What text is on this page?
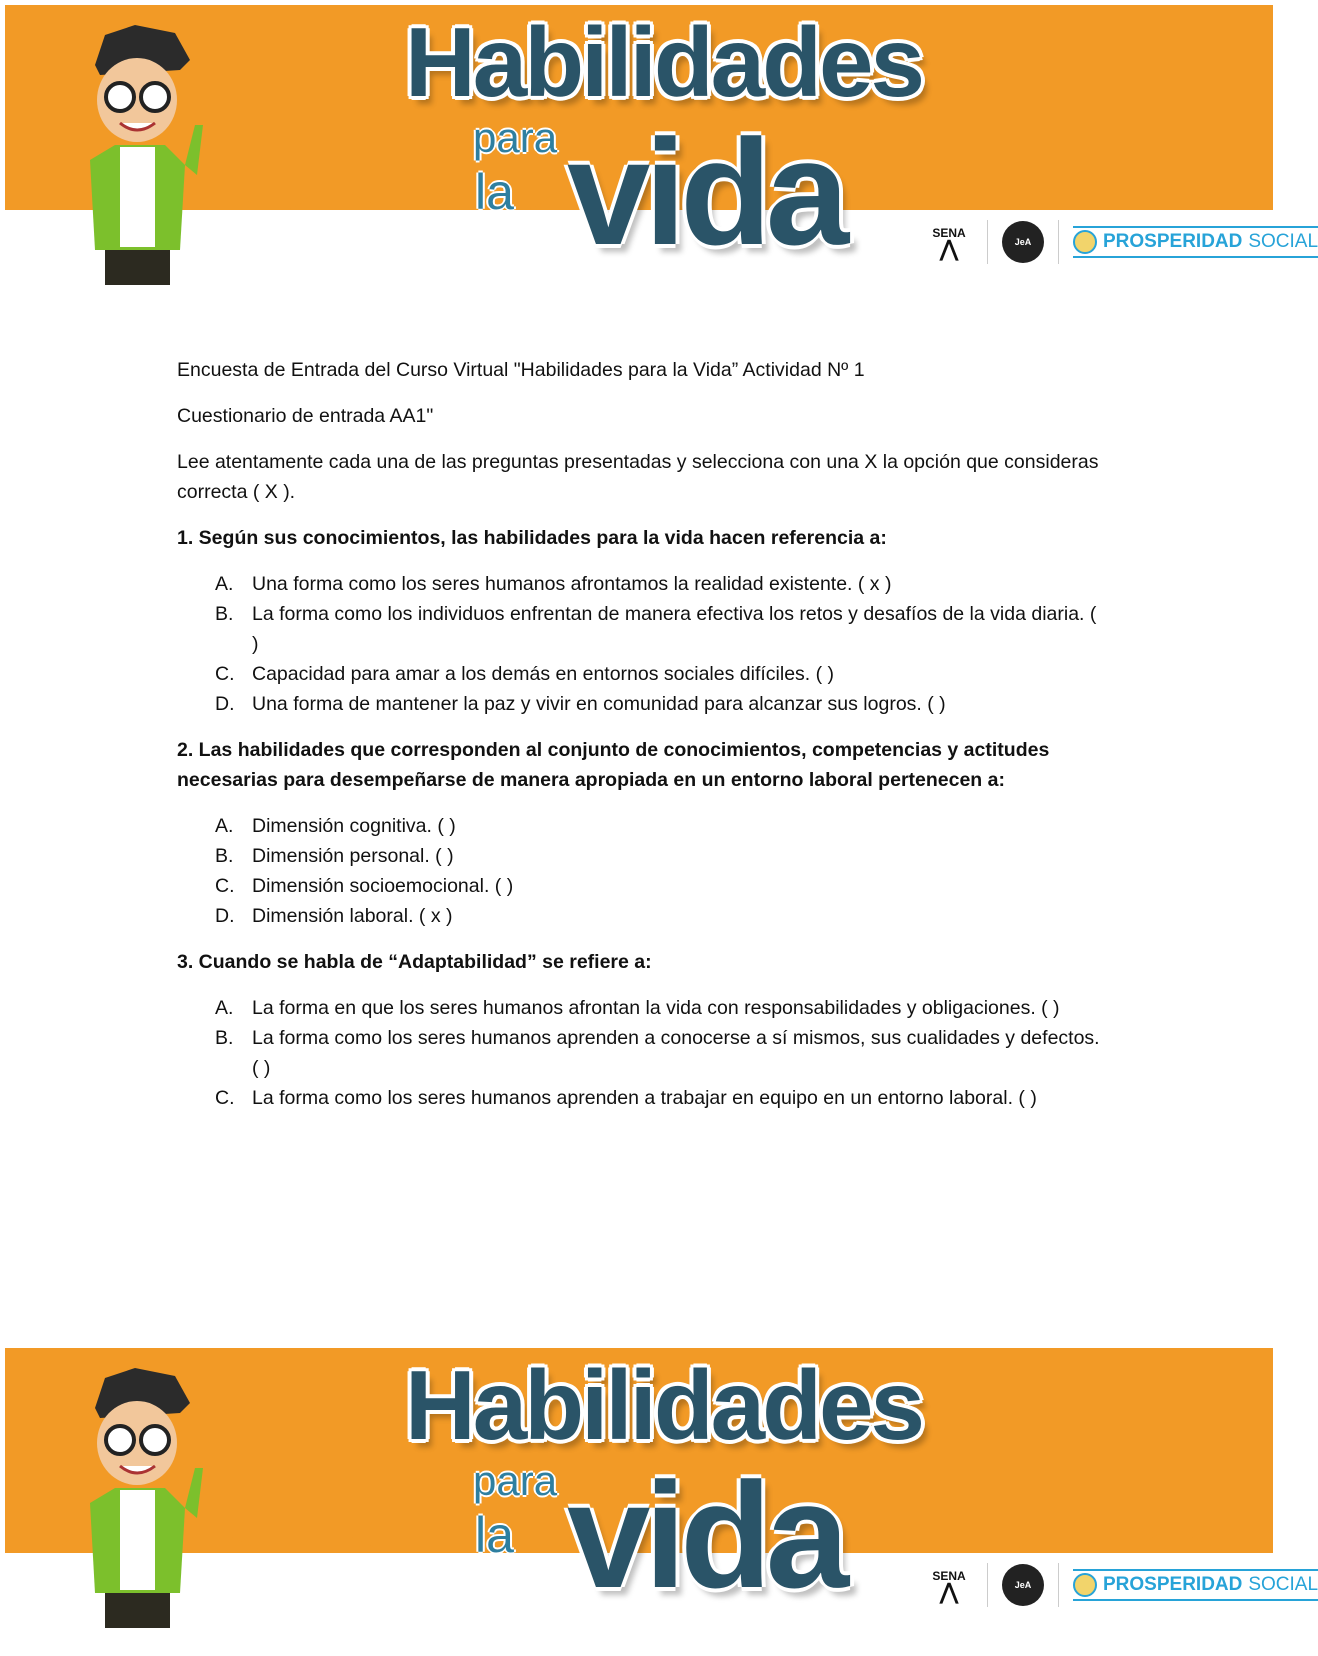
Habilidades
para
la vida	SENA
⋀	JeA	PROSPERIDAD SOCIAL

Encuesta de Entrada del Curso Virtual "Habilidades para la Vida” Actividad Nº 1

Cuestionario de entrada AA1"

Lee atentamente cada una de las preguntas presentadas y selecciona con una X la opción que consideras correcta ( X ).

1. Según sus conocimientos, las habilidades para la vida hacen referencia a:

A. Una forma como los seres humanos afrontamos la realidad existente. ( x )
B. La forma como los individuos enfrentan de manera efectiva los retos y desafíos de la vida diaria. ( )
C. Capacidad para amar a los demás en entornos sociales difíciles. ( )
D. Una forma de mantener la paz y vivir en comunidad para alcanzar sus logros. ( )

2. Las habilidades que corresponden al conjunto de conocimientos, competencias y actitudes necesarias para desempeñarse de manera apropiada en un entorno laboral pertenecen a:

A. Dimensión cognitiva. ( )
B. Dimensión personal. ( )
C. Dimensión socioemocional. ( )
D. Dimensión laboral. ( x )

3. Cuando se habla de “Adaptabilidad” se refiere a:

A. La forma en que los seres humanos afrontan la vida con responsabilidades y obligaciones. ( )
B. La forma como los seres humanos aprenden a conocerse a sí mismos, sus cualidades y defectos. ( )
C. La forma como los seres humanos aprenden a trabajar en equipo en un entorno laboral. ( )
Habilidades
para
la vida	SENA
⋀	JeA	PROSPERIDAD SOCIAL
